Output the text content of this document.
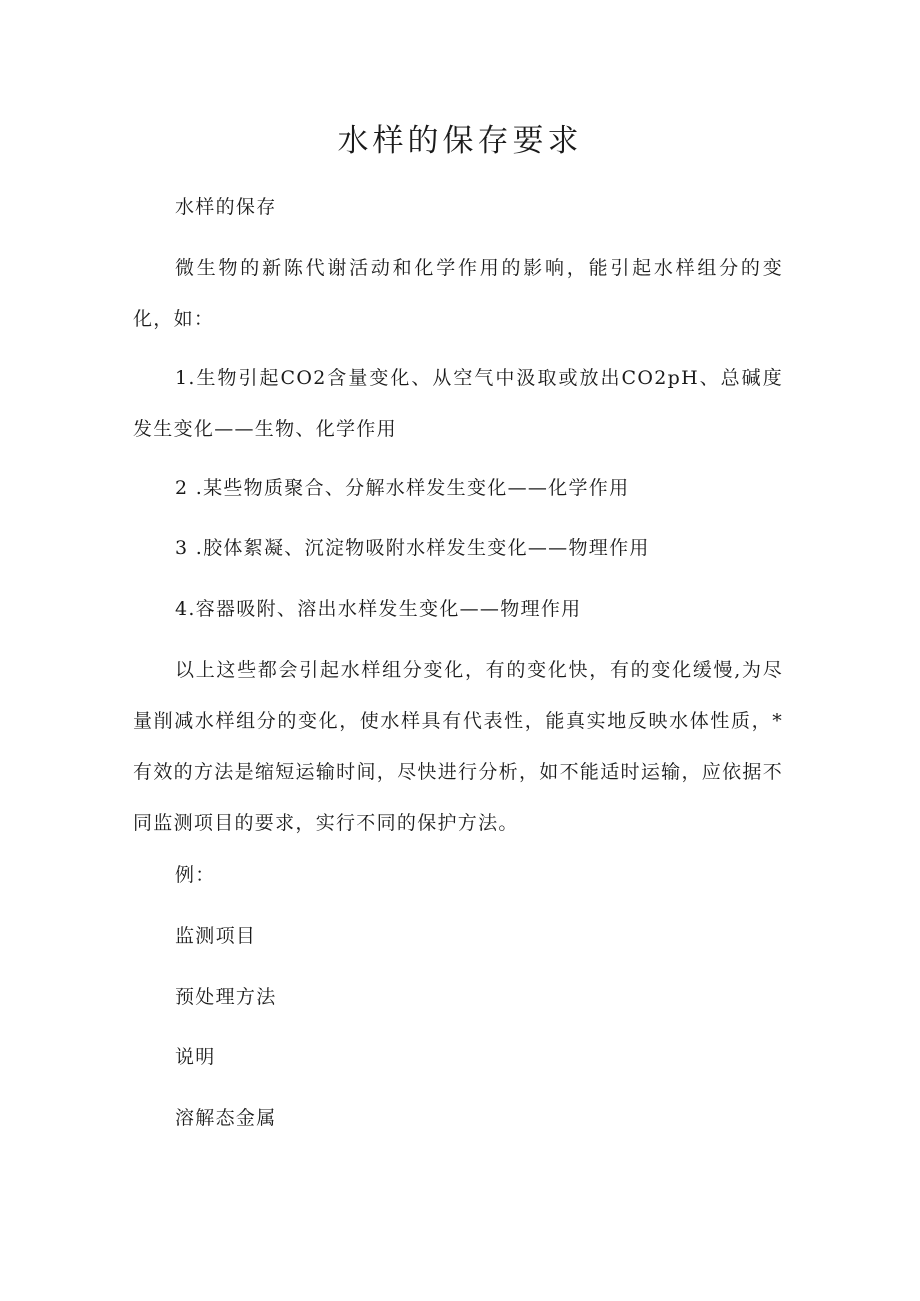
水样的保存要求

水样的保存

微生物的新陈代谢活动和化学作用的影响，能引起水样组分的变化，如：

1.生物引起CO2含量变化、从空气中汲取或放出CO2pH、总碱度发生变化——生物、化学作用

2 .某些物质聚合、分解水样发生变化——化学作用

3 .胶体絮凝、沉淀物吸附水样发生变化——物理作用

4.容器吸附、溶出水样发生变化——物理作用

以上这些都会引起水样组分变化，有的变化快，有的变化缓慢,为尽量削减水样组分的变化，使水样具有代表性，能真实地反映水体性质，*有效的方法是缩短运输时间，尽快进行分析，如不能适时运输，应依据不同监测项目的要求，实行不同的保护方法。

例：

监测项目

预处理方法

说明

溶解态金属
